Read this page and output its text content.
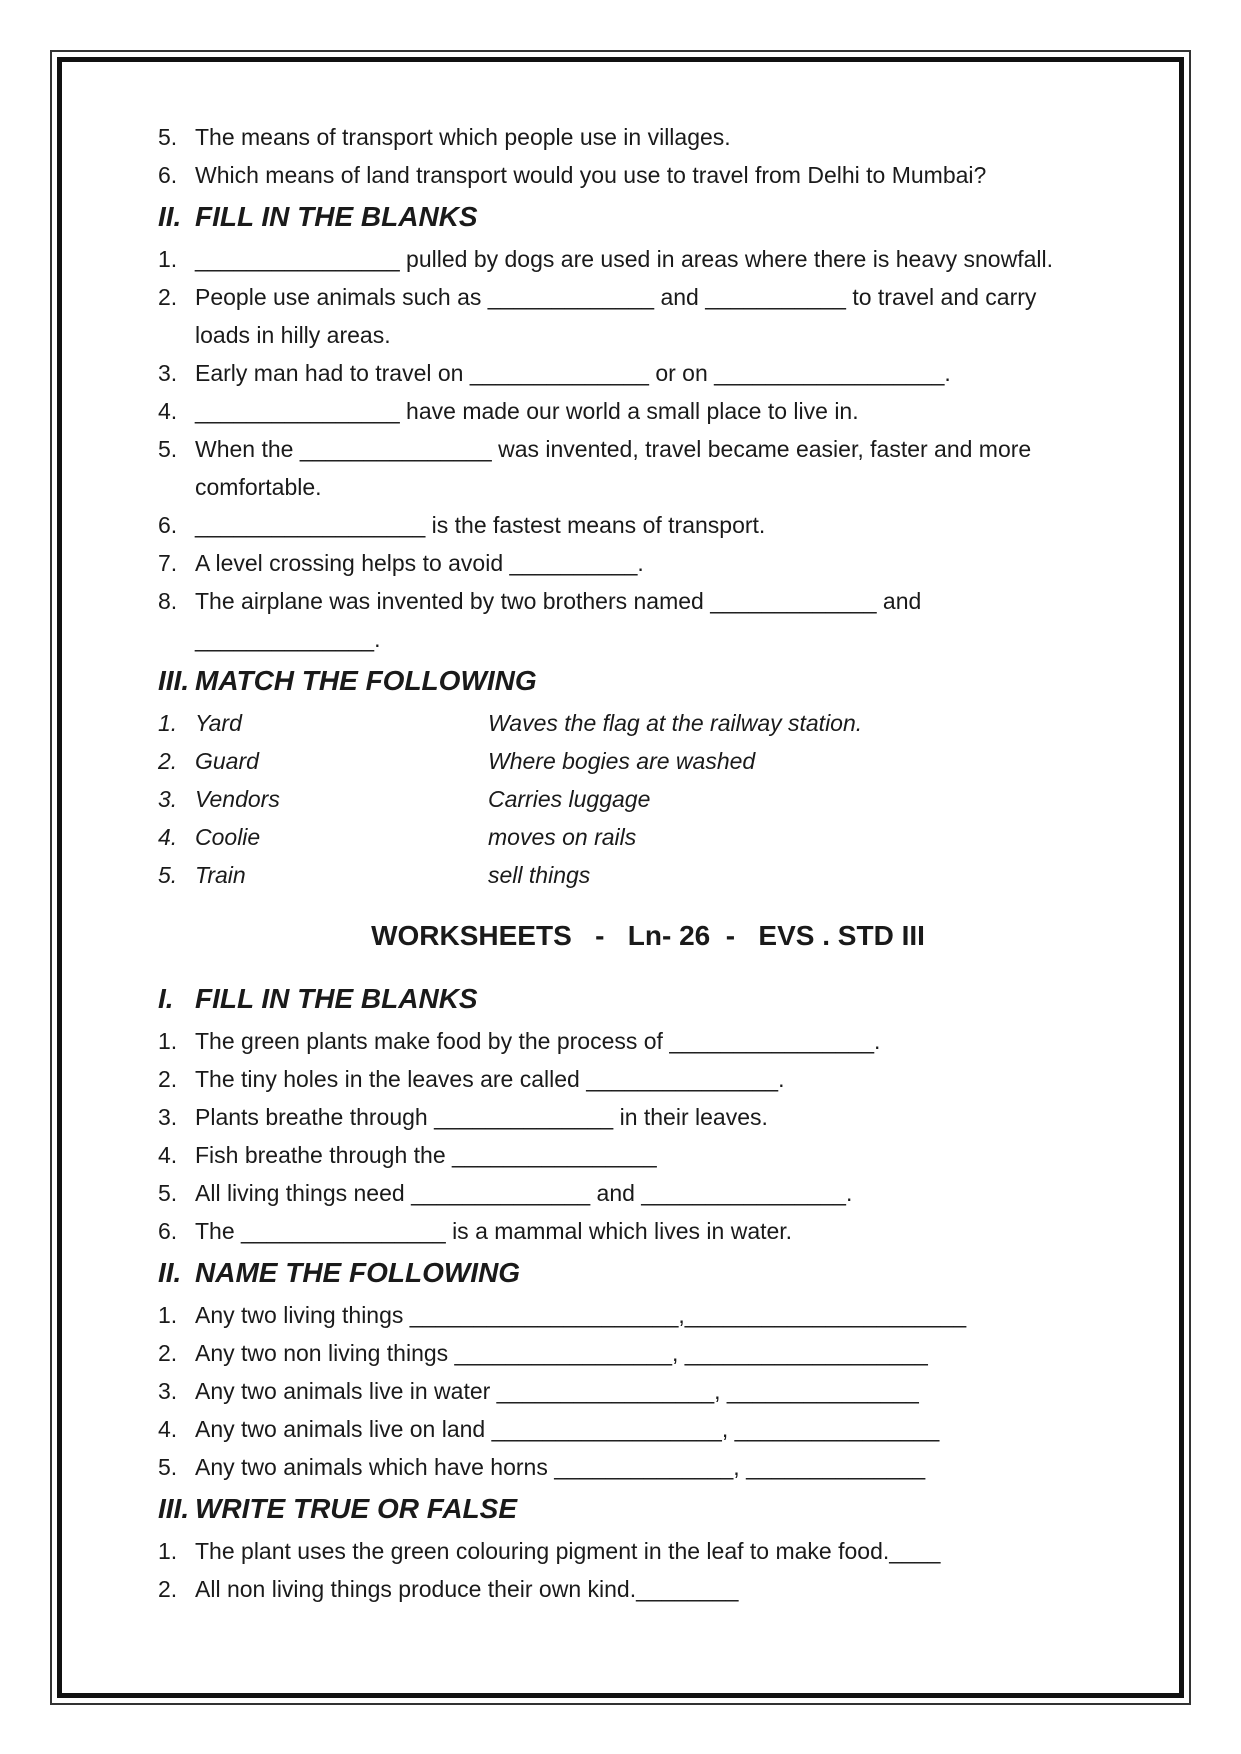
5. The means of transport which people use in villages.
6. Which means of land transport would you use to travel from Delhi to Mumbai?
II. FILL IN THE BLANKS
1. ________________ pulled by dogs are used in areas where there is heavy snowfall.
2. People use animals such as _____________ and ___________ to travel and carry
loads in hilly areas.
3. Early man had to travel on ______________ or on __________________.
4. ________________ have made our world a small place to live in.
5. When the _______________ was invented, travel became easier, faster and more
comfortable.
6. __________________ is the fastest means of transport.
7. A level crossing helps to avoid __________.
8. The airplane was invented by two brothers named _____________ and
______________.
III. MATCH THE FOLLOWING
1. Yard	Waves the flag at the railway station.
2. Guard	Where bogies are washed
3. Vendors	Carries luggage
4. Coolie	moves on rails
5. Train	sell things
WORKSHEETS   -   Ln- 26  -   EVS . STD III
I. FILL IN THE BLANKS
1. The green plants make food by the process of ________________.
2. The tiny holes in the leaves are called _______________.
3. Plants breathe through ______________ in their leaves.
4. Fish breathe through the ________________
5. All living things need ______________ and ________________.
6. The ________________ is a mammal which lives in water.
II. NAME THE FOLLOWING
1. Any two living things _____________________,______________________
2. Any two non living things _________________, ___________________
3. Any two animals live in water _________________, _______________
4. Any two animals live on land __________________, ________________
5. Any two animals which have horns ______________, ______________
III. WRITE TRUE OR FALSE
1. The plant uses the green colouring pigment in the leaf to make food.____
2. All non living things produce their own kind.________
